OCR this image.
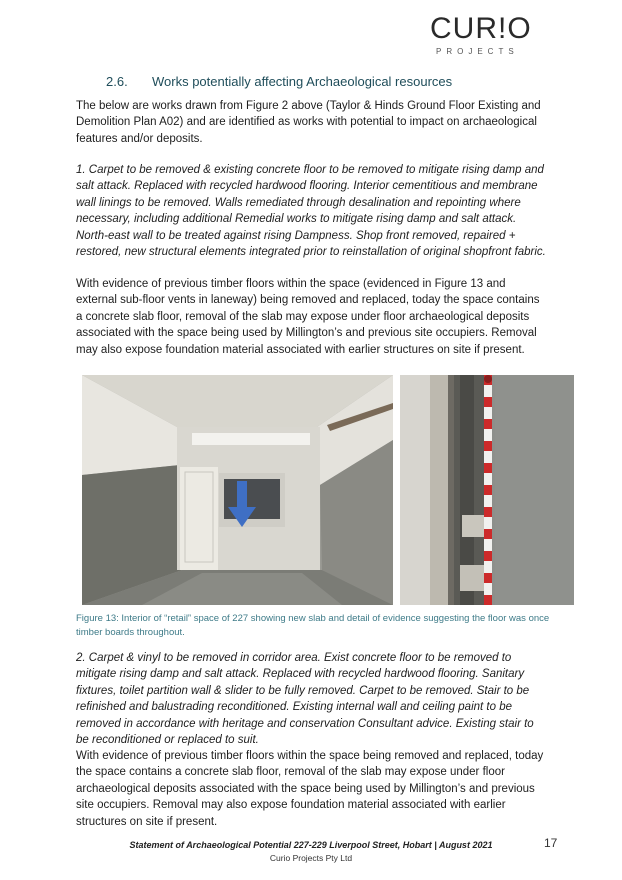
CUR!O
PROJECTS
2.6. Works potentially affecting Archaeological resources

The below are works drawn from Figure 2 above (Taylor & Hinds Ground Floor Existing and Demolition Plan A02) and are identified as works with potential to impact on archaeological features and/or deposits.

1. Carpet to be removed & existing concrete floor to be removed to mitigate rising damp and salt attack. Replaced with recycled hardwood flooring. Interior cementitious and membrane wall linings to be removed. Walls remediated through desalination and repointing where necessary, including additional Remedial works to mitigate rising damp and salt attack. North-east wall to be treated against rising Dampness. Shop front removed, repaired + restored, new structural elements integrated prior to reinstallation of original shopfront fabric.

With evidence of previous timber floors within the space (evidenced in Figure 13 and external sub-floor vents in laneway) being removed and replaced, today the space contains a concrete slab floor, removal of the slab may expose under floor archaeological deposits associated with the space being used by Millington’s and previous site occupiers. Removal may also expose foundation material associated with earlier structures on site if present.

Figure 13: Interior of “retail” space of 227 showing new slab and detail of evidence suggesting the floor was once timber boards throughout.

2. Carpet & vinyl to be removed in corridor area. Exist concrete floor to be removed to mitigate rising damp and salt attack. Replaced with recycled hardwood flooring. Sanitary fixtures, toilet partition wall & slider to be fully removed. Carpet to be removed. Stair to be refinished and balustrading reconditioned. Existing internal wall and ceiling paint to be removed in accordance with heritage and conservation Consultant advice. Existing stair to be reconditioned or replaced to suit.

With evidence of previous timber floors within the space being removed and replaced, today the space contains a concrete slab floor, removal of the slab may expose under floor archaeological deposits associated with the space being used by Millington’s and previous site occupiers. Removal may also expose foundation material associated with earlier structures on site if present.

Statement of Archaeological Potential 227-229 Liverpool Street, Hobart | August 2021
Curio Projects Pty Ltd
17
